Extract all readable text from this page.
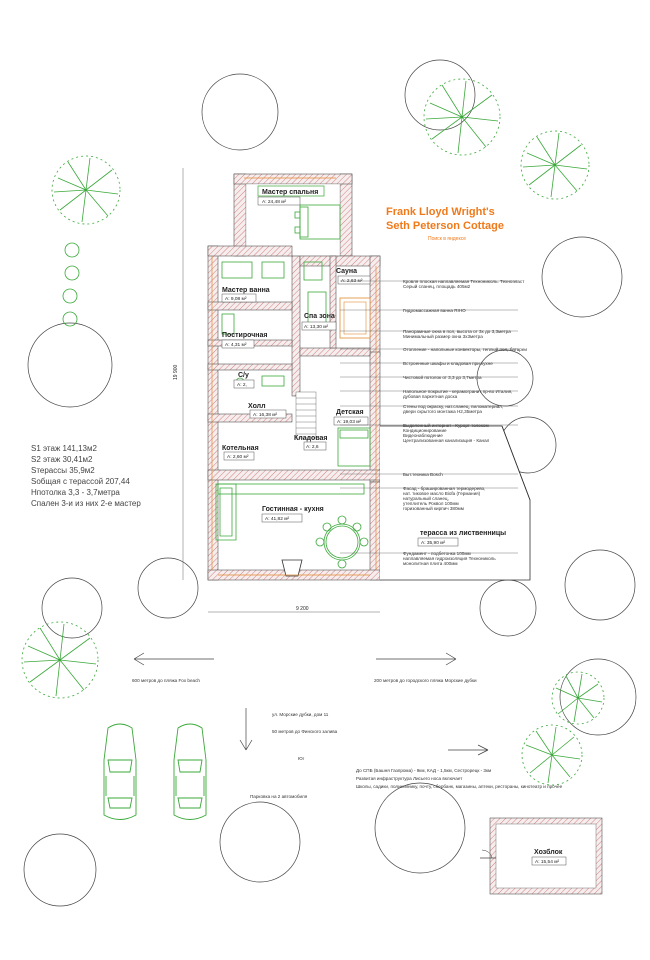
Мастер спальня
A: 24,48 м²
Сауна
A: 2,63 м²
Мастер ванна
A: 9,08 м²
Спа зона
A: 13,30 м²
Постирочная
A: 4,31 м²
С/у
A: 2,
Холл
A: 16,38 м²	Детская
A: 19,03 м²
Котельная
A: 2,60 м²
Кладовая
A: 2,6
Гостинная - кухня
A: 41,82 м²
терасса из лиственницы
A: 35,90 м²
Frank Lloyd Wright's
Seth Peterson Cottage
Поиск в яндексе
Кровля плоская наплавляемая Технониколь. Техноэласт
Серый сланец, площадь 405м2
Гидромассажная ванна RIHO
Панорамные окна в пол, высота от 3х до 3,3метра
Минимальный размер окна 3х3метра
Отопление - напольные конвекторы, теплый пол, батареи
Встроенные шкафы и кладовая при кухне
Чистовой потолок от 3,3 до 3,7метра
Напольное покрытие - керамогранит пр-во Италия,
дубовая паркетная доска
Стены под окраску, нат.сланец, пиломатериал,
двери скрытого монтажа Н2,35метра
Выделенный интернет - Курорт телеком
Кондиционирование
Видеонаблюдение
Централизованная канализация - Канал
Быт.техника Bosch
Фасад - брашированная термодерево,
нат. тиковое масло Biofa (Германия)
натуральный сланец,
утеплитель Роквол 100мм
горизованный кирпич 380мм
Фундамент - подбетонка 100мм
наплавляемая гидроизоляция Технониколь
монолитная плита 400мм
S1 этаж 141,13м2
S2 этаж 30,41м2
Sтерассы 35,9м2
Sобщая с терассой 207,44
Hпотолка 3,3 - 3,7метра
Спален 3-и из них 2-е мастер
19 900
9 200
600 метров до пляжа Fox beach	200 метров до городского пляжа Морские дубки
ул. Морские дубки, дом 11
50 метров до Финского залива
Юг
Парковка на 2 автомобиля
До СПБ (Башня Газпрома) - 9км, КАД - 1,5км, Сестрорецк - 3км
Развитая инфраструктура Лисьего носа включает
Школы, садики, поликлинику, почту, сбербанк, магазины, аптеки, рестораны, кинотеатр и прочее
Хозблок
A: 15,54 м²
